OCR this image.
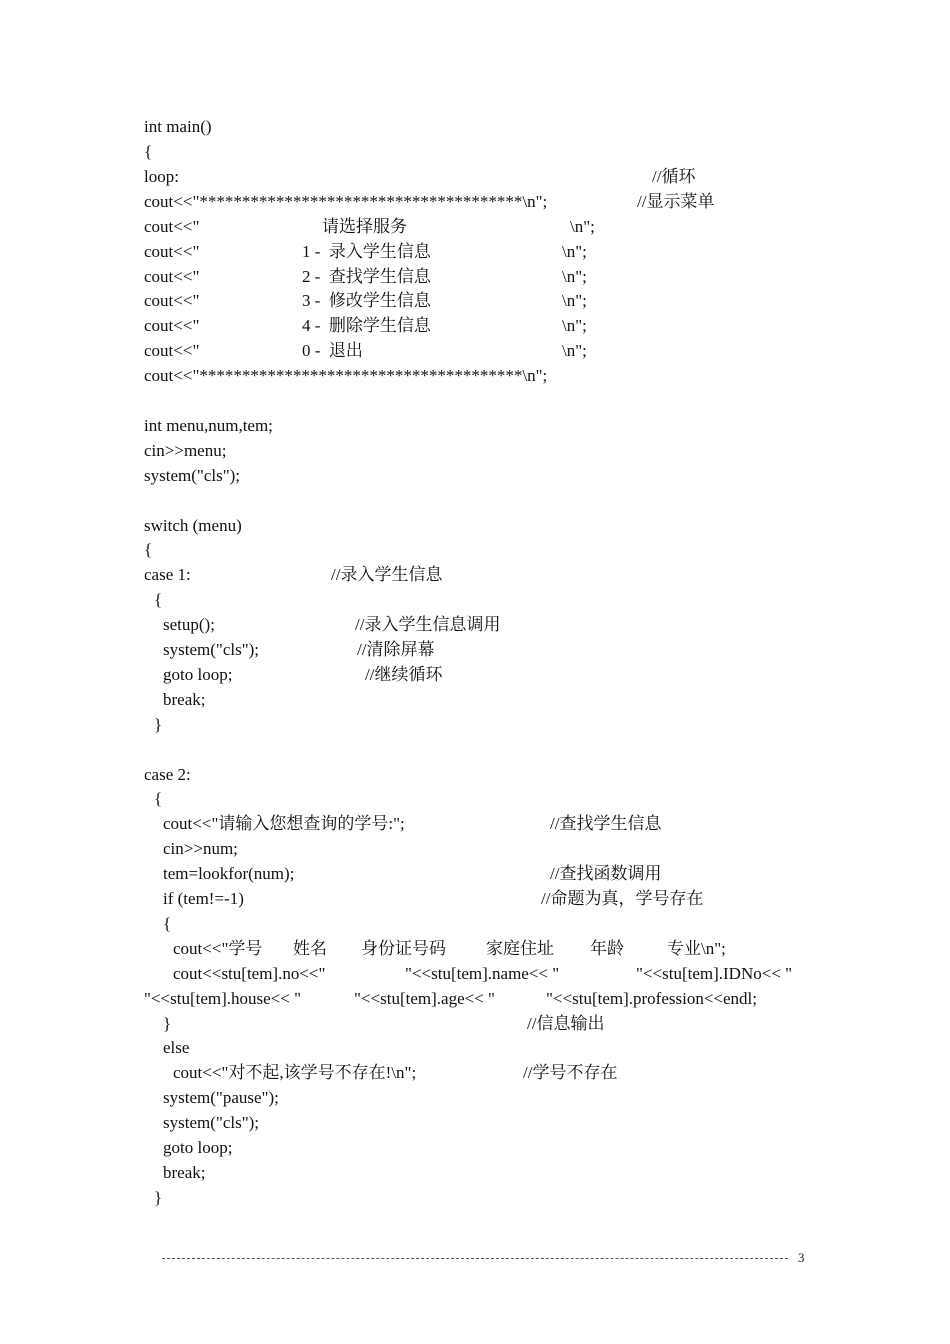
int main()
{
loop:	//循环
cout<<"**************************************\n";	//显示菜单
cout<<"	请选择服务	\n";
cout<<"	1 -  录入学生信息	\n";
cout<<"	2 -  查找学生信息	\n";
cout<<"	3 -  修改学生信息	\n";
cout<<"	4 -  删除学生信息	\n";
cout<<"	0 -  退出	\n";
cout<<"**************************************\n";
int menu,num,tem;
cin>>menu;
system("cls");
switch (menu)
{
case 1:	//录入学生信息
{
setup();	//录入学生信息调用
system("cls");	//清除屏幕
goto loop;	//继续循环
break;
}
case 2:
{
cout<<"请输入您想查询的学号:";	//查找学生信息
cin>>num;
tem=lookfor(num);	//查找函数调用
if (tem!=-1)	//命题为真，学号存在
{
cout<<"学号 姓名 身份证号码 家庭住址 年龄	专业\n";
cout<<stu[tem].no<<"	"<<stu[tem].name<< "	"<<stu[tem].IDNo<< "
"<<stu[tem].house<< "	"<<stu[tem].age<< "	"<<stu[tem].profession<<endl;
}	//信息输出
else
cout<<"对不起,该学号不存在!\n";	//学号不存在
system("pause");
system("cls");
goto loop;
break;
}
3
